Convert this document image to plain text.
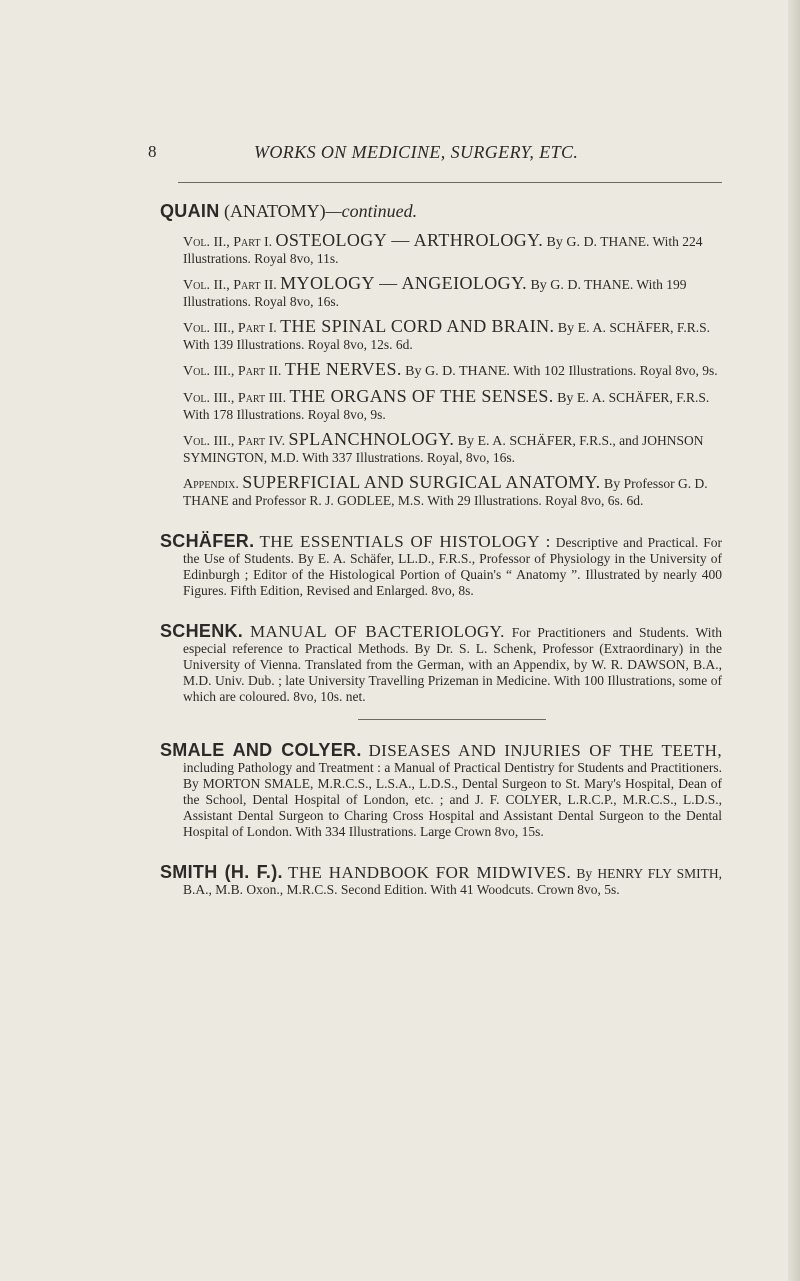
8	WORKS ON MEDICINE, SURGERY, ETC.
QUAIN (ANATOMY)—continued.
Vol. II., Part I. OSTEOLOGY — ARTHROLOGY. By G. D. THANE. With 224 Illustrations. Royal 8vo, 11s.
Vol. II., Part II. MYOLOGY — ANGEIOLOGY. By G. D. THANE. With 199 Illustrations. Royal 8vo, 16s.
Vol. III., Part I. THE SPINAL CORD AND BRAIN. By E. A. SCHÄFER, F.R.S. With 139 Illustrations. Royal 8vo, 12s. 6d.
Vol. III., Part II. THE NERVES. By G. D. THANE. With 102 Illustrations. Royal 8vo, 9s.
Vol. III., Part III. THE ORGANS OF THE SENSES. By E. A. SCHÄFER, F.R.S. With 178 Illustrations. Royal 8vo, 9s.
Vol. III., Part IV. SPLANCHNOLOGY. By E. A. SCHÄFER, F.R.S., and JOHNSON SYMINGTON, M.D. With 337 Illustrations. Royal, 8vo, 16s.
Appendix. SUPERFICIAL AND SURGICAL ANATOMY. By Professor G. D. THANE and Professor R. J. GODLEE, M.S. With 29 Illustrations. Royal 8vo, 6s. 6d.
SCHÄFER. THE ESSENTIALS OF HISTOLOGY : Descriptive and Practical. For the Use of Students. By E. A. Schäfer, LL.D., F.R.S., Professor of Physiology in the University of Edinburgh ; Editor of the Histological Portion of Quain's “ Anatomy ”. Illustrated by nearly 400 Figures. Fifth Edition, Revised and Enlarged. 8vo, 8s.
SCHENK. MANUAL OF BACTERIOLOGY. For Practitioners and Students. With especial reference to Practical Methods. By Dr. S. L. Schenk, Professor (Extraordinary) in the University of Vienna. Translated from the German, with an Appendix, by W. R. DAWSON, B.A., M.D. Univ. Dub. ; late University Travelling Prizeman in Medicine. With 100 Illustrations, some of which are coloured. 8vo, 10s. net.
SMALE AND COLYER. DISEASES AND INJURIES OF THE TEETH, including Pathology and Treatment : a Manual of Practical Dentistry for Students and Practitioners. By MORTON SMALE, M.R.C.S., L.S.A., L.D.S., Dental Surgeon to St. Mary's Hospital, Dean of the School, Dental Hospital of London, etc. ; and J. F. COLYER, L.R.C.P., M.R.C.S., L.D.S., Assistant Dental Surgeon to Charing Cross Hospital and Assistant Dental Surgeon to the Dental Hospital of London. With 334 Illustrations. Large Crown 8vo, 15s.
SMITH (H. F.). THE HANDBOOK FOR MIDWIVES. By HENRY FLY SMITH, B.A., M.B. Oxon., M.R.C.S. Second Edition. With 41 Woodcuts. Crown 8vo, 5s.
